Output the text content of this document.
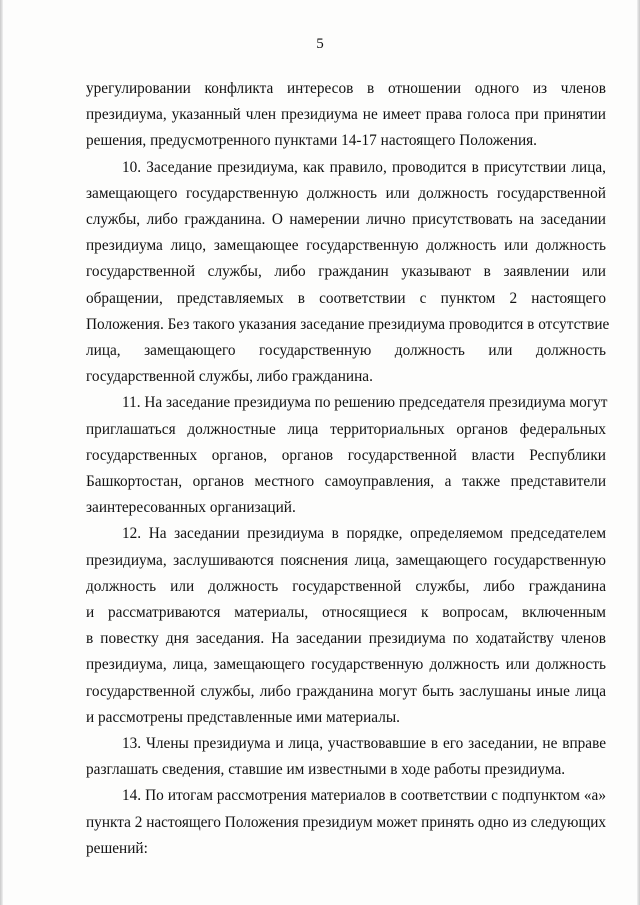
5
урегулировании конфликта интересов в отношении одного из членов
президиума, указанный член президиума не имеет права голоса при принятии
решения, предусмотренного пунктами 14-17 настоящего Положения.
10. Заседание президиума, как правило, проводится в присутствии лица,
замещающего государственную должность или должность государственной
службы, либо гражданина. О намерении лично присутствовать на заседании
президиума лицо, замещающее государственную должность или должность
государственной службы, либо гражданин указывают в заявлении или
обращении, представляемых в соответствии с пунктом 2 настоящего
Положения. Без такого указания заседание президиума проводится в отсутствие
лица, замещающего государственную должность или должность
государственной службы, либо гражданина.
11. На заседание президиума по решению председателя президиума могут
приглашаться должностные лица территориальных органов федеральных
государственных органов, органов государственной власти Республики
Башкортостан, органов местного самоуправления, а также представители
заинтересованных организаций.
12. На заседании президиума в порядке, определяемом председателем
президиума, заслушиваются пояснения лица, замещающего государственную
должность или должность государственной службы, либо гражданина
и рассматриваются материалы, относящиеся к вопросам, включенным
в повестку дня заседания. На заседании президиума по ходатайству членов
президиума, лица, замещающего государственную должность или должность
государственной службы, либо гражданина могут быть заслушаны иные лица
и рассмотрены представленные ими материалы.
13. Члены президиума и лица, участвовавшие в его заседании, не вправе
разглашать сведения, ставшие им известными в ходе работы президиума.
14. По итогам рассмотрения материалов в соответствии с подпунктом «а»
пункта 2 настоящего Положения президиум может принять одно из следующих
решений:
